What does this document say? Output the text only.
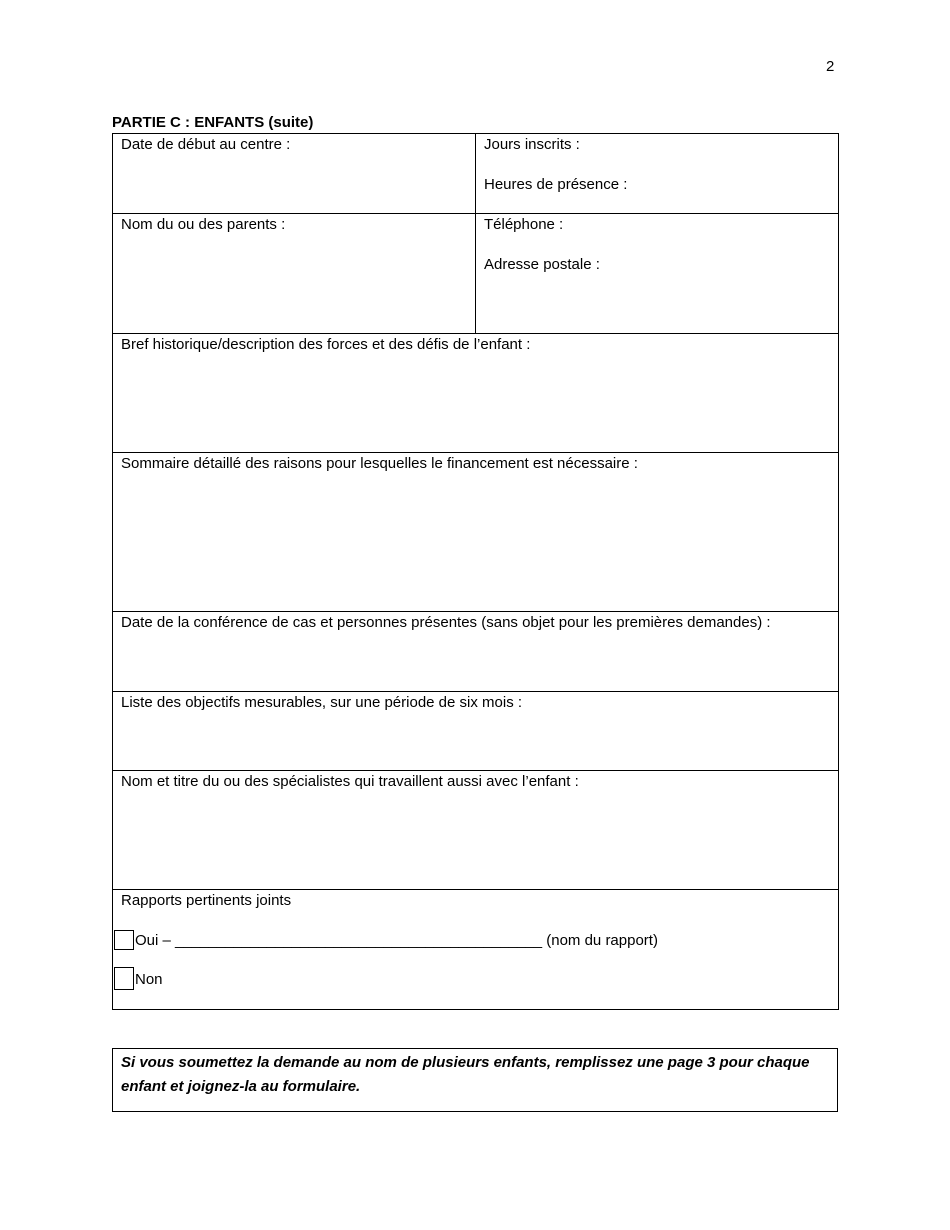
2
PARTIE C : ENFANTS (suite)
Date de début au centre :	Jours inscrits :
Heures de présence :

Nom du ou des parents :	Téléphone :
Adresse postale :

Bref historique/description des forces et des défis de l’enfant :	
Sommaire détaillé des raisons pour lesquelles le financement est nécessaire :	
Date de la conférence de cas et personnes présentes (sans objet pour les premières demandes) :	
Liste des objectifs mesurables, sur une période de six mois :	
Nom et titre du ou des spécialistes qui travaillent aussi avec l’enfant :	

Rapports pertinents joints
Oui – ____________________________________________ (nom du rapport)
Non	
Si vous soumettez la demande au nom de plusieurs enfants, remplissez une page 3 pour chaque enfant et joignez-la au formulaire.
